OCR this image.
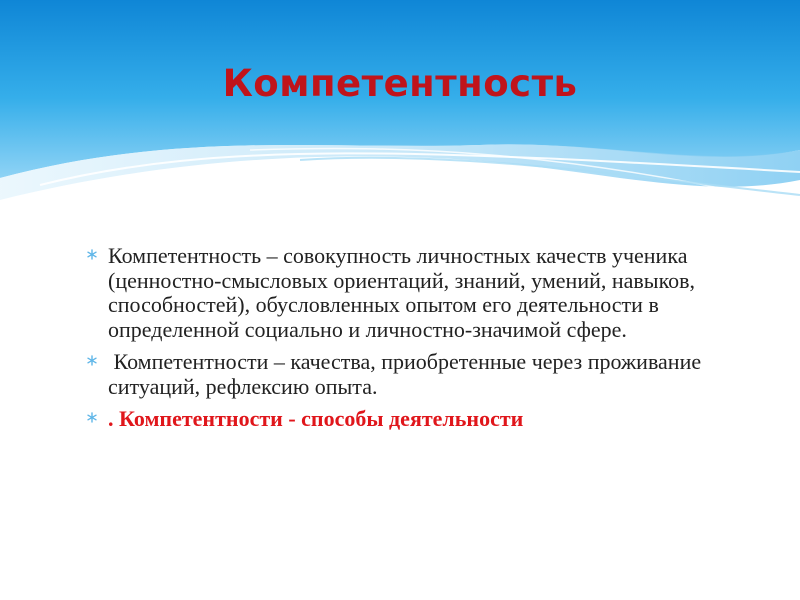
Компетентность
Компетентность – совокупность личностных качеств ученика (ценностно-смысловых ориентаций, знаний, умений, навыков, способностей), обусловленных опытом его деятельности в определенной социально и личностно-значимой сфере.
Компетентности – качества, приобретенные через проживание ситуаций, рефлексию опыта.
. Компетентности - способы деятельности
